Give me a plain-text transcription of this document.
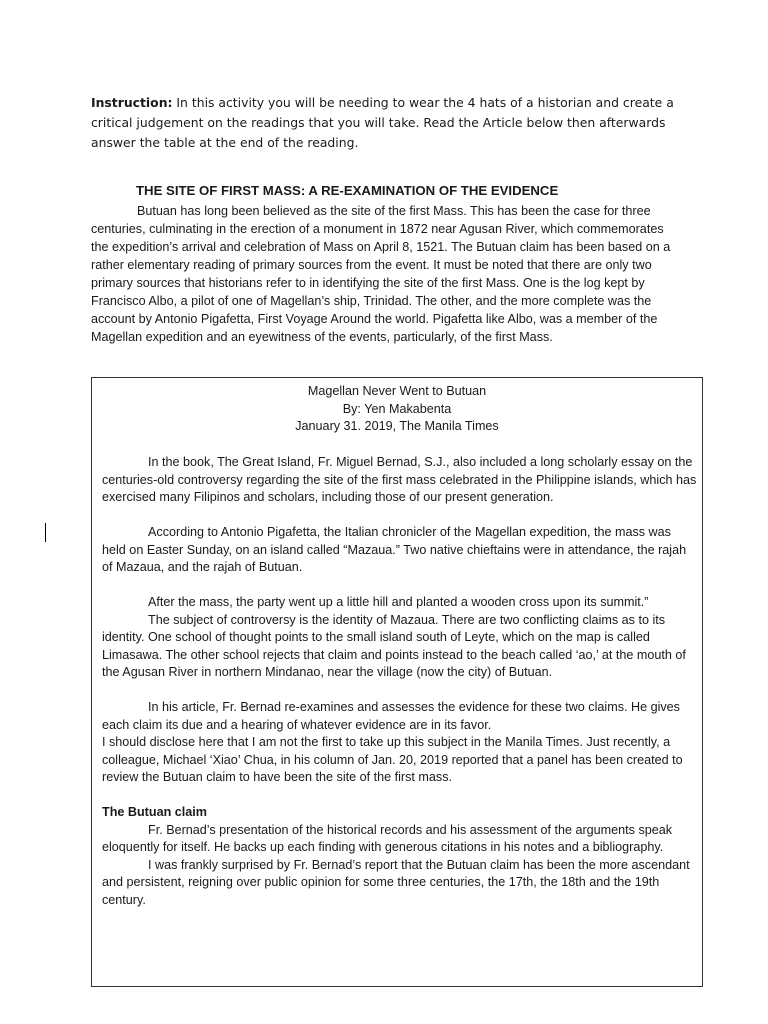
Instruction: In this activity you will be needing to wear the 4 hats of a historian and create a critical judgement on the readings that you will take. Read the Article below then afterwards answer the table at the end of the reading.

THE SITE OF FIRST MASS: A RE-EXAMINATION OF THE EVIDENCE

Butuan has long been believed as the site of the first Mass. This has been the case for three centuries, culminating in the erection of a monument in 1872 near Agusan River, which commemorates the expedition’s arrival and celebration of Mass on April 8, 1521. The Butuan claim has been based on a rather elementary reading of primary sources from the event. It must be noted that there are only two primary sources that historians refer to in identifying the site of the first Mass. One is the log kept by Francisco Albo, a pilot of one of Magellan’s ship, Trinidad. The other, and the more complete was the account by Antonio Pigafetta, First Voyage Around the world. Pigafetta like Albo, was a member of the Magellan expedition and an eyewitness of the events, particularly, of the first Mass.

Magellan Never Went to Butuan
By: Yen Makabenta
January 31. 2019, The Manila Times

In the book, The Great Island, Fr. Miguel Bernad, S.J., also included a long scholarly essay on the centuries-old controversy regarding the site of the first mass celebrated in the Philippine islands, which has exercised many Filipinos and scholars, including those of our present generation.

According to Antonio Pigafetta, the Italian chronicler of the Magellan expedition, the mass was held on Easter Sunday, on an island called “Mazaua.” Two native chieftains were in attendance, the rajah of Mazaua, and the rajah of Butuan.

After the mass, the party went up a little hill and planted a wooden cross upon its summit.”

The subject of controversy is the identity of Mazaua. There are two conflicting claims as to its identity. One school of thought points to the small island south of Leyte, which on the map is called Limasawa. The other school rejects that claim and points instead to the beach called ‘ao,’ at the mouth of the Agusan River in northern Mindanao, near the village (now the city) of Butuan.

In his article, Fr. Bernad re-examines and assesses the evidence for these two claims. He gives each claim its due and a hearing of whatever evidence are in its favor.

I should disclose here that I am not the first to take up this subject in the Manila Times. Just recently, a colleague, Michael ‘Xiao’ Chua, in his column of Jan. 20, 2019 reported that a panel has been created to review the Butuan claim to have been the site of the first mass.

The Butuan claim

Fr. Bernad’s presentation of the historical records and his assessment of the arguments speak eloquently for itself. He backs up each finding with generous citations in his notes and a bibliography.

I was frankly surprised by Fr. Bernad’s report that the Butuan claim has been the more ascendant and persistent, reigning over public opinion for some three centuries, the 17th, the 18th and the 19th century.
